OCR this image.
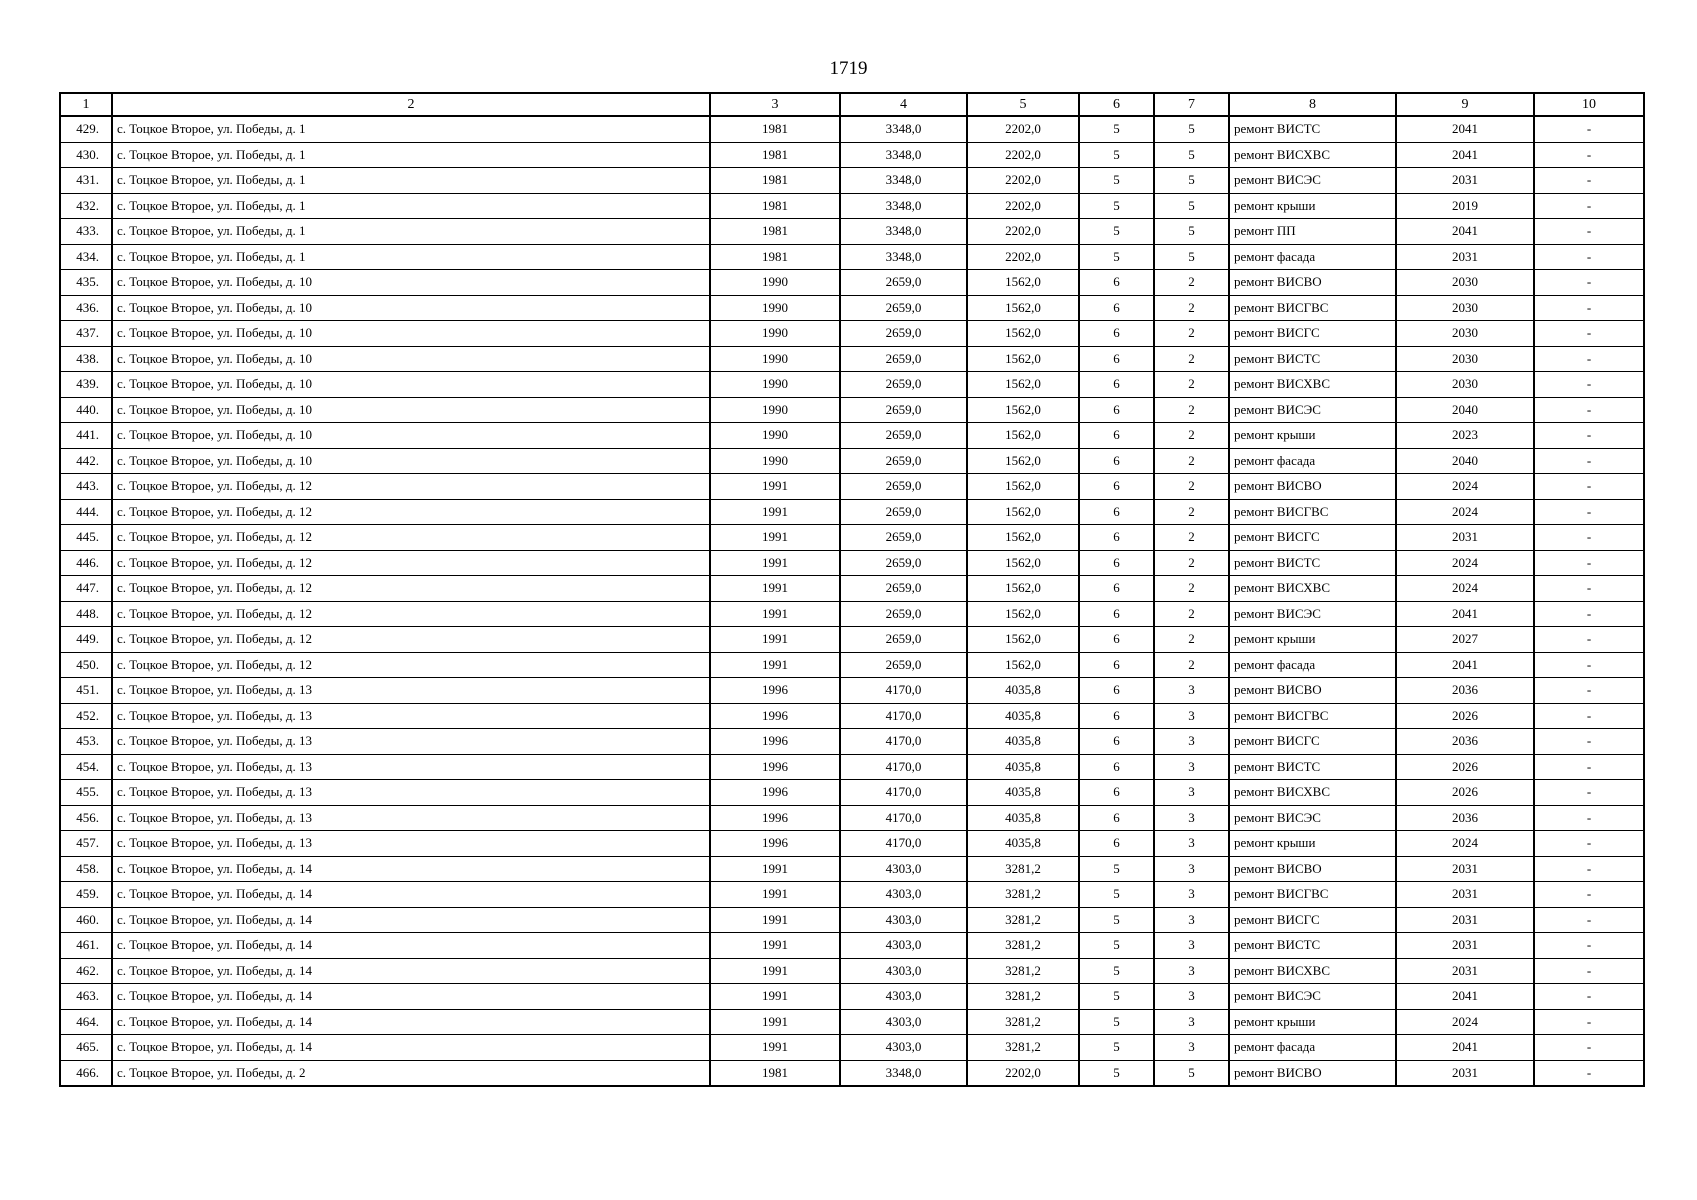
1719
1	2	3	4	5	6	7	8	9	10
429.	с. Тоцкое Второе, ул. Победы, д. 1	1981	3348,0	2202,0	5	5	ремонт ВИСТС	2041	-
430.	с. Тоцкое Второе, ул. Победы, д. 1	1981	3348,0	2202,0	5	5	ремонт ВИСХВС	2041	-
431.	с. Тоцкое Второе, ул. Победы, д. 1	1981	3348,0	2202,0	5	5	ремонт ВИСЭС	2031	-
432.	с. Тоцкое Второе, ул. Победы, д. 1	1981	3348,0	2202,0	5	5	ремонт крыши	2019	-
433.	с. Тоцкое Второе, ул. Победы, д. 1	1981	3348,0	2202,0	5	5	ремонт ПП	2041	-
434.	с. Тоцкое Второе, ул. Победы, д. 1	1981	3348,0	2202,0	5	5	ремонт фасада	2031	-
435.	с. Тоцкое Второе, ул. Победы, д. 10	1990	2659,0	1562,0	6	2	ремонт ВИСВО	2030	-
436.	с. Тоцкое Второе, ул. Победы, д. 10	1990	2659,0	1562,0	6	2	ремонт ВИСГВС	2030	-
437.	с. Тоцкое Второе, ул. Победы, д. 10	1990	2659,0	1562,0	6	2	ремонт ВИСГС	2030	-
438.	с. Тоцкое Второе, ул. Победы, д. 10	1990	2659,0	1562,0	6	2	ремонт ВИСТС	2030	-
439.	с. Тоцкое Второе, ул. Победы, д. 10	1990	2659,0	1562,0	6	2	ремонт ВИСХВС	2030	-
440.	с. Тоцкое Второе, ул. Победы, д. 10	1990	2659,0	1562,0	6	2	ремонт ВИСЭС	2040	-
441.	с. Тоцкое Второе, ул. Победы, д. 10	1990	2659,0	1562,0	6	2	ремонт крыши	2023	-
442.	с. Тоцкое Второе, ул. Победы, д. 10	1990	2659,0	1562,0	6	2	ремонт фасада	2040	-
443.	с. Тоцкое Второе, ул. Победы, д. 12	1991	2659,0	1562,0	6	2	ремонт ВИСВО	2024	-
444.	с. Тоцкое Второе, ул. Победы, д. 12	1991	2659,0	1562,0	6	2	ремонт ВИСГВС	2024	-
445.	с. Тоцкое Второе, ул. Победы, д. 12	1991	2659,0	1562,0	6	2	ремонт ВИСГС	2031	-
446.	с. Тоцкое Второе, ул. Победы, д. 12	1991	2659,0	1562,0	6	2	ремонт ВИСТС	2024	-
447.	с. Тоцкое Второе, ул. Победы, д. 12	1991	2659,0	1562,0	6	2	ремонт ВИСХВС	2024	-
448.	с. Тоцкое Второе, ул. Победы, д. 12	1991	2659,0	1562,0	6	2	ремонт ВИСЭС	2041	-
449.	с. Тоцкое Второе, ул. Победы, д. 12	1991	2659,0	1562,0	6	2	ремонт крыши	2027	-
450.	с. Тоцкое Второе, ул. Победы, д. 12	1991	2659,0	1562,0	6	2	ремонт фасада	2041	-
451.	с. Тоцкое Второе, ул. Победы, д. 13	1996	4170,0	4035,8	6	3	ремонт ВИСВО	2036	-
452.	с. Тоцкое Второе, ул. Победы, д. 13	1996	4170,0	4035,8	6	3	ремонт ВИСГВС	2026	-
453.	с. Тоцкое Второе, ул. Победы, д. 13	1996	4170,0	4035,8	6	3	ремонт ВИСГС	2036	-
454.	с. Тоцкое Второе, ул. Победы, д. 13	1996	4170,0	4035,8	6	3	ремонт ВИСТС	2026	-
455.	с. Тоцкое Второе, ул. Победы, д. 13	1996	4170,0	4035,8	6	3	ремонт ВИСХВС	2026	-
456.	с. Тоцкое Второе, ул. Победы, д. 13	1996	4170,0	4035,8	6	3	ремонт ВИСЭС	2036	-
457.	с. Тоцкое Второе, ул. Победы, д. 13	1996	4170,0	4035,8	6	3	ремонт крыши	2024	-
458.	с. Тоцкое Второе, ул. Победы, д. 14	1991	4303,0	3281,2	5	3	ремонт ВИСВО	2031	-
459.	с. Тоцкое Второе, ул. Победы, д. 14	1991	4303,0	3281,2	5	3	ремонт ВИСГВС	2031	-
460.	с. Тоцкое Второе, ул. Победы, д. 14	1991	4303,0	3281,2	5	3	ремонт ВИСГС	2031	-
461.	с. Тоцкое Второе, ул. Победы, д. 14	1991	4303,0	3281,2	5	3	ремонт ВИСТС	2031	-
462.	с. Тоцкое Второе, ул. Победы, д. 14	1991	4303,0	3281,2	5	3	ремонт ВИСХВС	2031	-
463.	с. Тоцкое Второе, ул. Победы, д. 14	1991	4303,0	3281,2	5	3	ремонт ВИСЭС	2041	-
464.	с. Тоцкое Второе, ул. Победы, д. 14	1991	4303,0	3281,2	5	3	ремонт крыши	2024	-
465.	с. Тоцкое Второе, ул. Победы, д. 14	1991	4303,0	3281,2	5	3	ремонт фасада	2041	-
466.	с. Тоцкое Второе, ул. Победы, д. 2	1981	3348,0	2202,0	5	5	ремонт ВИСВО	2031	-
